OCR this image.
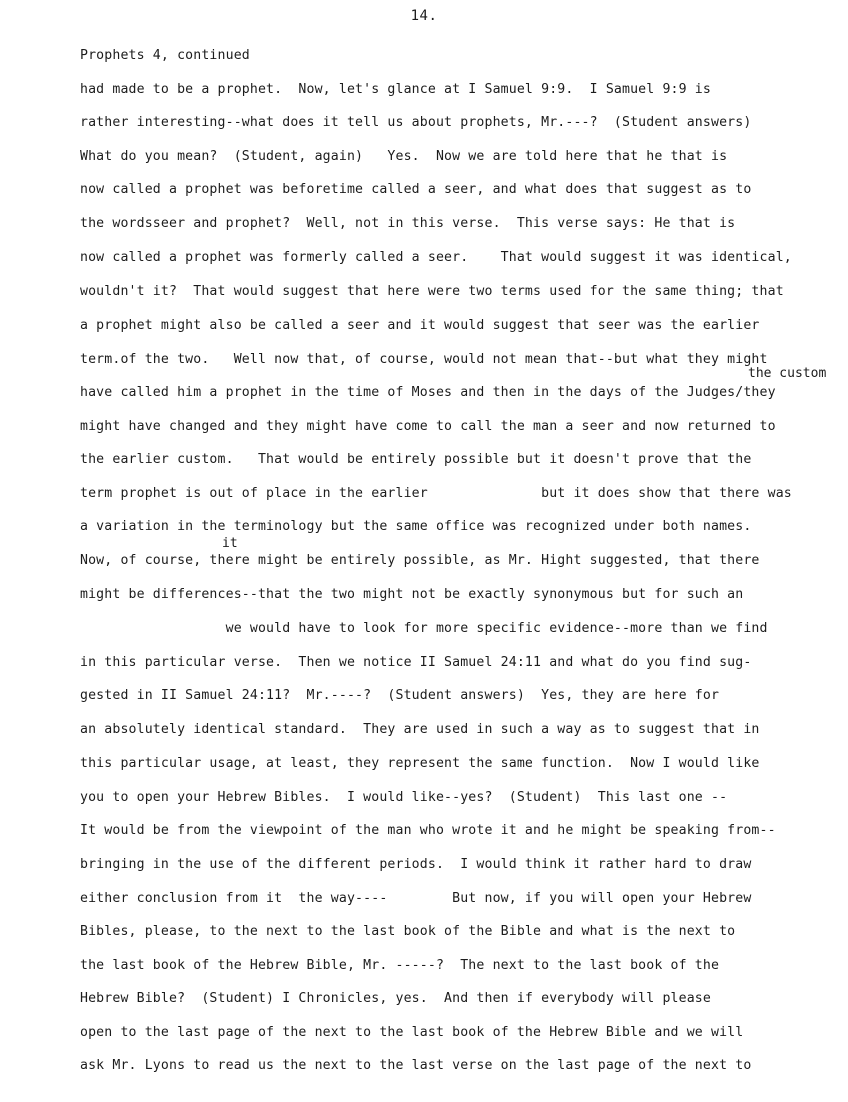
14.
Prophets 4, continued
had made to be a prophet.  Now, let's glance at I Samuel 9:9.  I Samuel 9:9 is
rather interesting--what does it tell us about prophets, Mr.---?  (Student answers)
What do you mean?  (Student, again)   Yes.  Now we are told here that he that is
now called a prophet was beforetime called a seer, and what does that suggest as to
the wordsseer and prophet?  Well, not in this verse.  This verse says: He that is
now called a prophet was formerly called a seer.    That would suggest it was identical,
wouldn't it?  That would suggest that here were two terms used for the same thing; that
a prophet might also be called a seer and it would suggest that seer was the earlier
term.of the two.   Well now that, of course, would not mean that--but what they might
the custom
have called him a prophet in the time of Moses and then in the days of the Judges/they
might have changed and they might have come to call the man a seer and now returned to
the earlier custom.   That would be entirely possible but it doesn't prove that the
term prophet is out of place in the earlier              but it does show that there was
a variation in the terminology but the same office was recognized under both names.
it
Now, of course, there might be entirely possible, as Mr. Hight suggested, that there
might be differences--that the two might not be exactly synonymous but for such an
we would have to look for more specific evidence--more than we find
in this particular verse.  Then we notice II Samuel 24:11 and what do you find sug-
gested in II Samuel 24:11?  Mr.----?  (Student answers)  Yes, they are here for
an absolutely identical standard.  They are used in such a way as to suggest that in
this particular usage, at least, they represent the same function.  Now I would like
you to open your Hebrew Bibles.  I would like--yes?  (Student)  This last one --
It would be from the viewpoint of the man who wrote it and he might be speaking from--
bringing in the use of the different periods.  I would think it rather hard to draw
either conclusion from it  the way----        But now, if you will open your Hebrew
Bibles, please, to the next to the last book of the Bible and what is the next to
the last book of the Hebrew Bible, Mr. -----?  The next to the last book of the
Hebrew Bible?  (Student) I Chronicles, yes.  And then if everybody will please
open to the last page of the next to the last book of the Hebrew Bible and we will
ask Mr. Lyons to read us the next to the last verse on the last page of the next to
